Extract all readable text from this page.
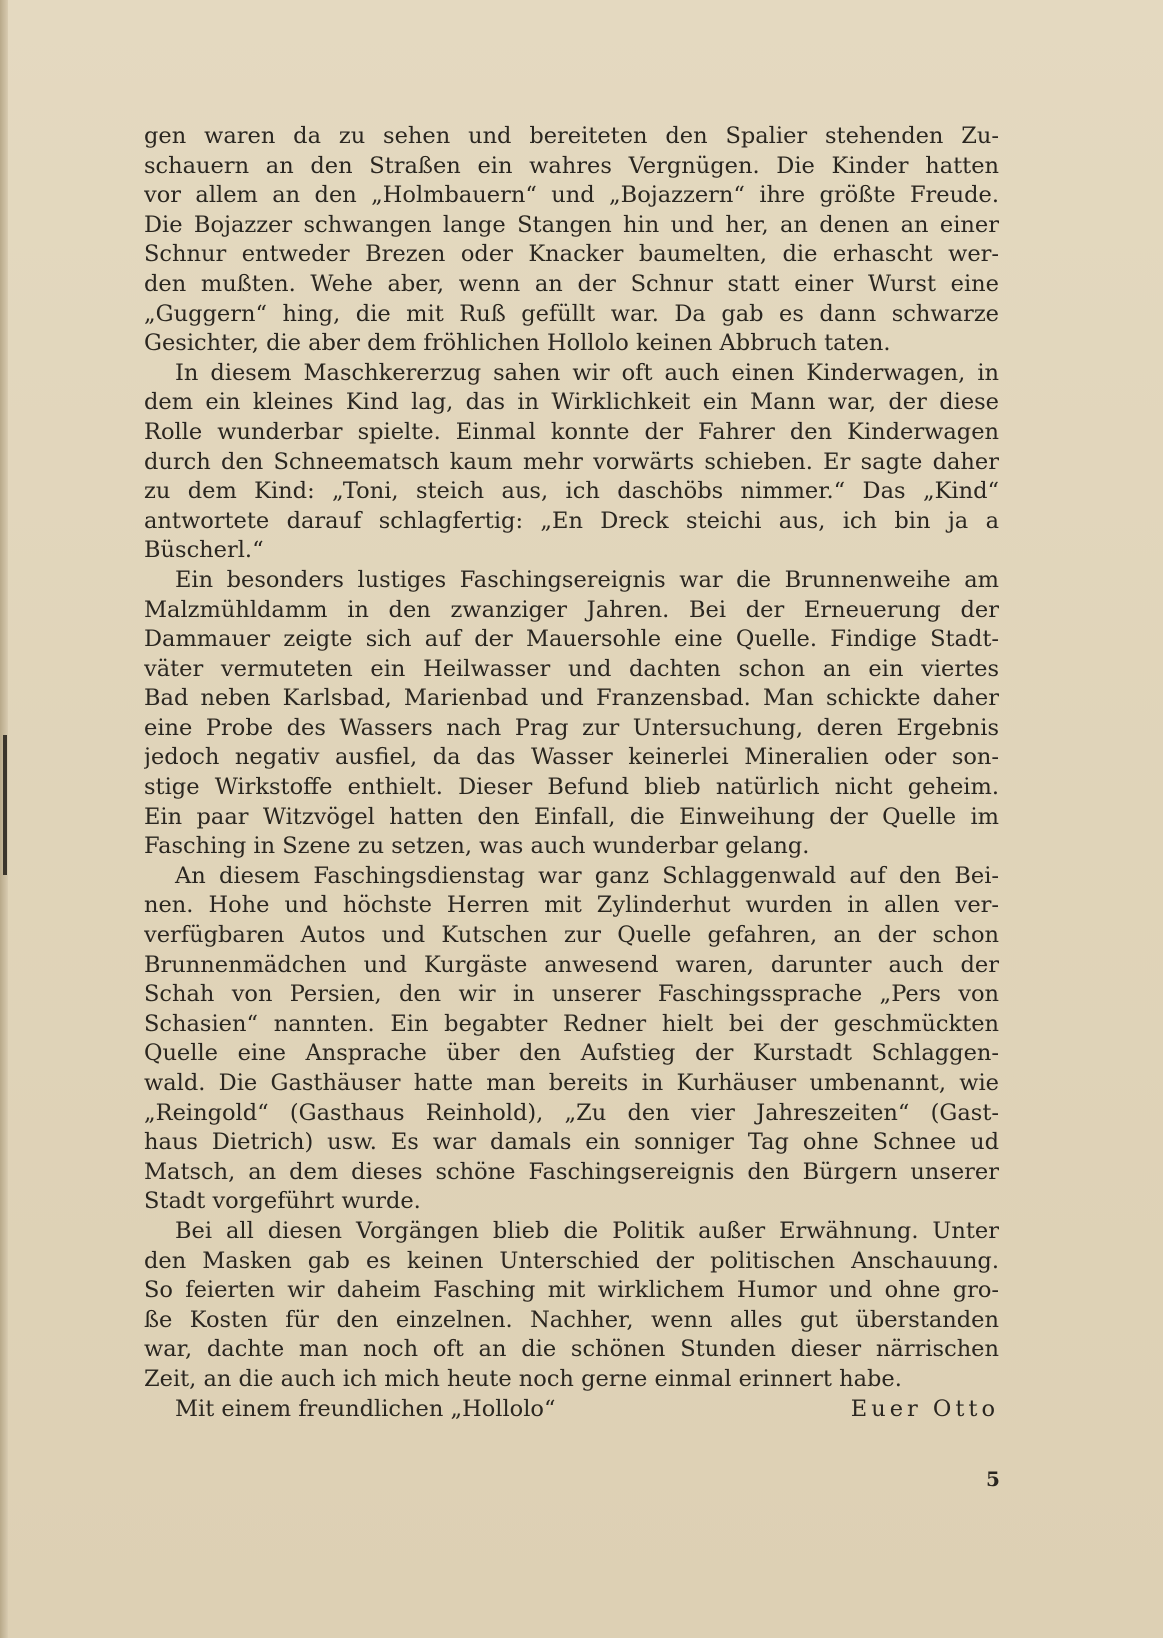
gen waren da zu sehen und bereiteten den Spalier stehenden Zu-
schauern an den Straßen ein wahres Vergnügen. Die Kinder hatten
vor allem an den „Holmbauern“ und „Bojazzern“ ihre größte Freude.
Die Bojazzer schwangen lange Stangen hin und her, an denen an einer
Schnur entweder Brezen oder Knacker baumelten, die erhascht wer-
den mußten. Wehe aber, wenn an der Schnur statt einer Wurst eine
„Guggern“ hing, die mit Ruß gefüllt war. Da gab es dann schwarze
Gesichter, die aber dem fröhlichen Hollolo keinen Abbruch taten.
In diesem Maschkererzug sahen wir oft auch einen Kinderwagen, in
dem ein kleines Kind lag, das in Wirklichkeit ein Mann war, der diese
Rolle wunderbar spielte. Einmal konnte der Fahrer den Kinderwagen
durch den Schneematsch kaum mehr vorwärts schieben. Er sagte daher
zu dem Kind: „Toni, steich aus, ich daschöbs nimmer.“ Das „Kind“
antwortete darauf schlagfertig: „En Dreck steichi aus, ich bin ja a
Büscherl.“
Ein besonders lustiges Faschingsereignis war die Brunnenweihe am
Malzmühldamm in den zwanziger Jahren. Bei der Erneuerung der
Dammauer zeigte sich auf der Mauersohle eine Quelle. Findige Stadt-
väter vermuteten ein Heilwasser und dachten schon an ein viertes
Bad neben Karlsbad, Marienbad und Franzensbad. Man schickte daher
eine Probe des Wassers nach Prag zur Untersuchung, deren Ergebnis
jedoch negativ ausfiel, da das Wasser keinerlei Mineralien oder son-
stige Wirkstoffe enthielt. Dieser Befund blieb natürlich nicht geheim.
Ein paar Witzvögel hatten den Einfall, die Einweihung der Quelle im
Fasching in Szene zu setzen, was auch wunderbar gelang.
An diesem Faschingsdienstag war ganz Schlaggenwald auf den Bei-
nen. Hohe und höchste Herren mit Zylinderhut wurden in allen ver-
verfügbaren Autos und Kutschen zur Quelle gefahren, an der schon
Brunnenmädchen und Kurgäste anwesend waren, darunter auch der
Schah von Persien, den wir in unserer Faschingssprache „Pers von
Schasien“ nannten. Ein begabter Redner hielt bei der geschmückten
Quelle eine Ansprache über den Aufstieg der Kurstadt Schlaggen-
wald. Die Gasthäuser hatte man bereits in Kurhäuser umbenannt, wie
„Reingold“ (Gasthaus Reinhold), „Zu den vier Jahreszeiten“ (Gast-
haus Dietrich) usw. Es war damals ein sonniger Tag ohne Schnee ud
Matsch, an dem dieses schöne Faschingsereignis den Bürgern unserer
Stadt vorgeführt wurde.
Bei all diesen Vorgängen blieb die Politik außer Erwähnung. Unter
den Masken gab es keinen Unterschied der politischen Anschauung.
So feierten wir daheim Fasching mit wirklichem Humor und ohne gro-
ße Kosten für den einzelnen. Nachher, wenn alles gut überstanden
war, dachte man noch oft an die schönen Stunden dieser närrischen
Zeit, an die auch ich mich heute noch gerne einmal erinnert habe.
Mit einem freundlichen „Hollolo“	Euer Otto
5
